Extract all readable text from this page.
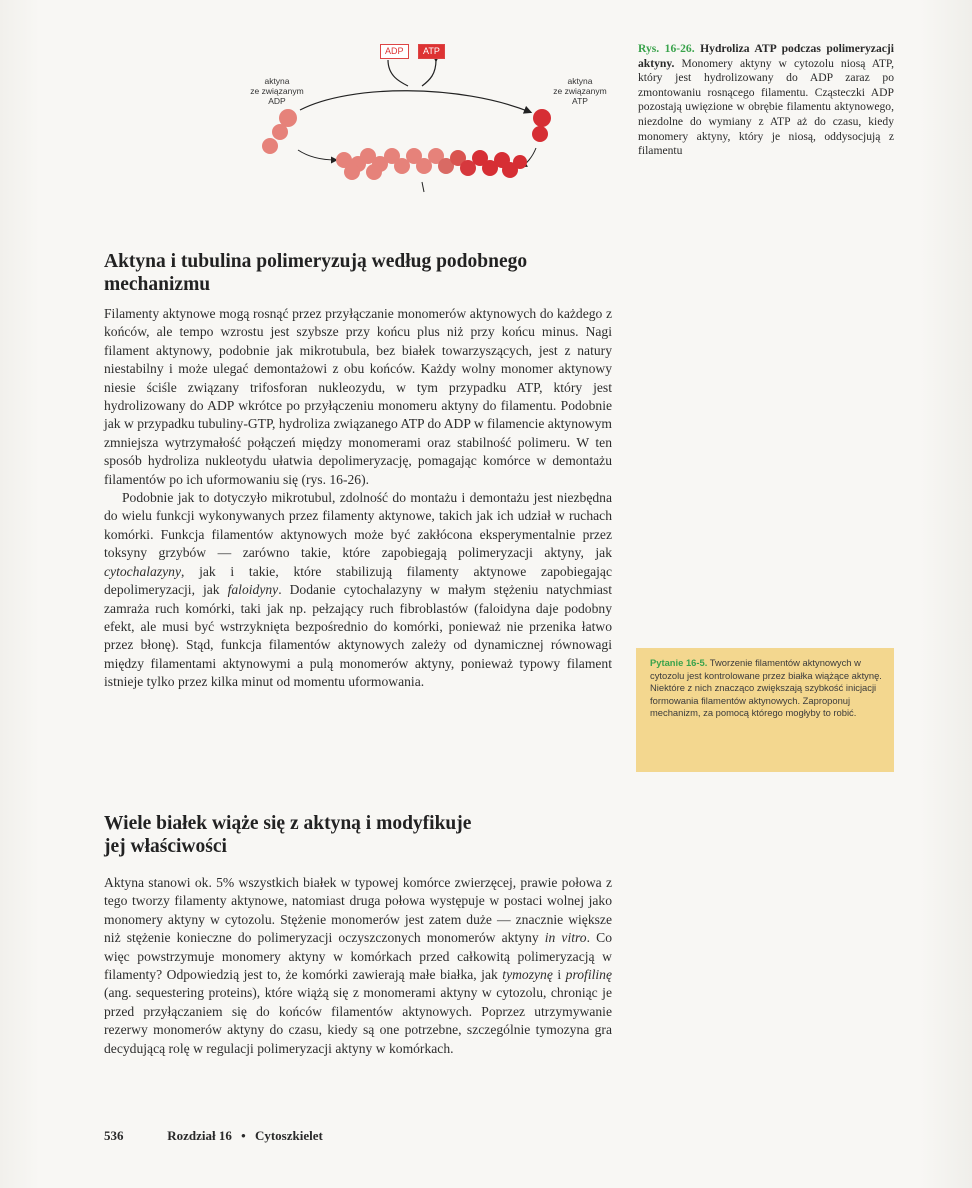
ADP	ATP
aktyna
ze związanym
ADP
aktyna
ze związanym
ATP
Rys. 16-26. Hydroliza ATP podczas polimeryzacji aktyny. Monomery aktyny w cytozolu niosą ATP, który jest hydrolizowany do ADP zaraz po zmontowaniu rosnącego filamentu. Cząsteczki ADP pozostają uwięzione w obrębie filamentu aktynowego, niezdolne do wymiany z ATP aż do czasu, kiedy monomery aktyny, który je niosą, oddysocjują z filamentu
Aktyna i tubulina polimeryzują według podobnego
mechanizmu

Filamenty aktynowe mogą rosnąć przez przyłączanie monomerów aktynowych do każdego z końców, ale tempo wzrostu jest szybsze przy końcu plus niż przy końcu minus. Nagi filament aktynowy, podobnie jak mikrotubula, bez białek towarzyszących, jest z natury niestabilny i może ulegać demontażowi z obu końców. Każdy wolny monomer aktynowy niesie ściśle związany trifosforan nukleozydu, w tym przypadku ATP, który jest hydrolizowany do ADP wkrótce po przyłączeniu monomeru aktyny do filamentu. Podobnie jak w przypadku tubuliny-GTP, hydroliza związanego ATP do ADP w filamencie aktynowym zmniejsza wytrzymałość połączeń między monomerami oraz stabilność polimeru. W ten sposób hydroliza nukleotydu ułatwia depolimeryzację, pomagając komórce w demontażu filamentów po ich uformowaniu się (rys. 16-26).

Podobnie jak to dotyczyło mikrotubul, zdolność do montażu i demontażu jest niezbędna do wielu funkcji wykonywanych przez filamenty aktynowe, takich jak ich udział w ruchach komórki. Funkcja filamentów aktynowych może być zakłócona eksperymentalnie przez toksyny grzybów — zarówno takie, które zapobiegają polimeryzacji aktyny, jak cytochalazyny, jak i takie, które stabilizują filamenty aktynowe zapobiegając depolimeryzacji, jak faloidyny. Dodanie cytochalazyny w małym stężeniu natychmiast zamraża ruch komórki, taki jak np. pełzający ruch fibroblastów (faloidyna daje podobny efekt, ale musi być wstrzyknięta bezpośrednio do komórki, ponieważ nie przenika łatwo przez błonę). Stąd, funkcja filamentów aktynowych zależy od dynamicznej równowagi między filamentami aktynowymi a pulą monomerów aktyny, ponieważ typowy filament istnieje tylko przez kilka minut od momentu uformowania.

Pytanie 16-5. Tworzenie filamentów aktynowych w cytozolu jest kontrolowane przez białka wiążące aktynę. Niektóre z nich znacząco zwiększają szybkość inicjacji formowania filamentów aktynowych. Zaproponuj mechanizm, za pomocą którego mogłyby to robić.
Wiele białek wiąże się z aktyną i modyfikuje
jej właściwości

Aktyna stanowi ok. 5% wszystkich białek w typowej komórce zwierzęcej, prawie połowa z tego tworzy filamenty aktynowe, natomiast druga połowa występuje w postaci wolnej jako monomery aktyny w cytozolu. Stężenie monomerów jest zatem duże — znacznie większe niż stężenie konieczne do polimeryzacji oczyszczonych monomerów aktyny in vitro. Co więc powstrzymuje monomery aktyny w komórkach przed całkowitą polimeryzacją w filamenty? Odpowiedzią jest to, że komórki zawierają małe białka, jak tymozynę i profilinę (ang. sequestering proteins), które wiążą się z monomerami aktyny w cytozolu, chroniąc je przed przyłączaniem się do końców filamentów aktynowych. Poprzez utrzymywanie rezerwy monomerów aktyny do czasu, kiedy są one potrzebne, szczególnie tymozyna gra decydującą rolę w regulacji polimeryzacji aktyny w komórkach.

536	Rozdział 16 • Cytoszkielet
